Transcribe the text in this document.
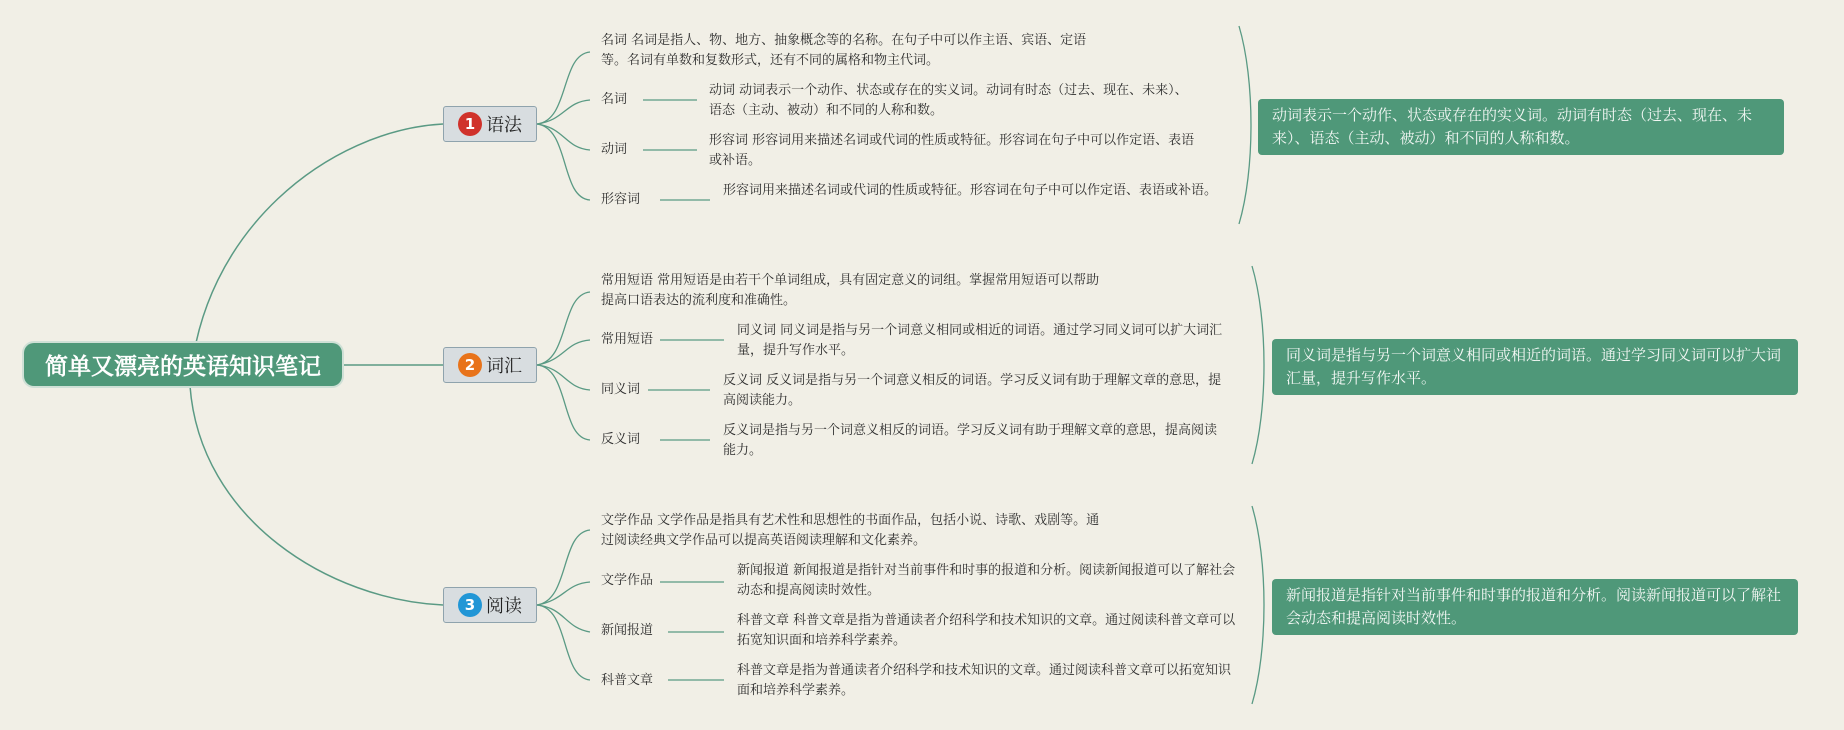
简单又漂亮的英语知识笔记
1 语法
名词 名词是指人、物、地方、抽象概念等的名称。在句子中可以作主语、宾语、定语等。名词有单数和复数形式，还有不同的属格和物主代词。
名词
动词 动词表示一个动作、状态或存在的实义词。动词有时态（过去、现在、未来）、语态（主动、被动）和不同的人称和数。
动词
形容词 形容词用来描述名词或代词的性质或特征。形容词在句子中可以作定语、表语或补语。
形容词
形容词用来描述名词或代词的性质或特征。形容词在句子中可以作定语、表语或补语。
动词表示一个动作、状态或存在的实义词。动词有时态（过去、现在、未来）、语态（主动、被动）和不同的人称和数。
2 词汇
常用短语 常用短语是由若干个单词组成，具有固定意义的词组。掌握常用短语可以帮助提高口语表达的流利度和准确性。
常用短语
同义词 同义词是指与另一个词意义相同或相近的词语。通过学习同义词可以扩大词汇量，提升写作水平。
同义词
反义词 反义词是指与另一个词意义相反的词语。学习反义词有助于理解文章的意思，提高阅读能力。
反义词
反义词是指与另一个词意义相反的词语。学习反义词有助于理解文章的意思，提高阅读能力。
同义词是指与另一个词意义相同或相近的词语。通过学习同义词可以扩大词汇量，提升写作水平。
3 阅读
文学作品 文学作品是指具有艺术性和思想性的书面作品，包括小说、诗歌、戏剧等。通过阅读经典文学作品可以提高英语阅读理解和文化素养。
文学作品
新闻报道 新闻报道是指针对当前事件和时事的报道和分析。阅读新闻报道可以了解社会动态和提高阅读时效性。
新闻报道
科普文章 科普文章是指为普通读者介绍科学和技术知识的文章。通过阅读科普文章可以拓宽知识面和培养科学素养。
科普文章
科普文章是指为普通读者介绍科学和技术知识的文章。通过阅读科普文章可以拓宽知识面和培养科学素养。
新闻报道是指针对当前事件和时事的报道和分析。阅读新闻报道可以了解社会动态和提高阅读时效性。
